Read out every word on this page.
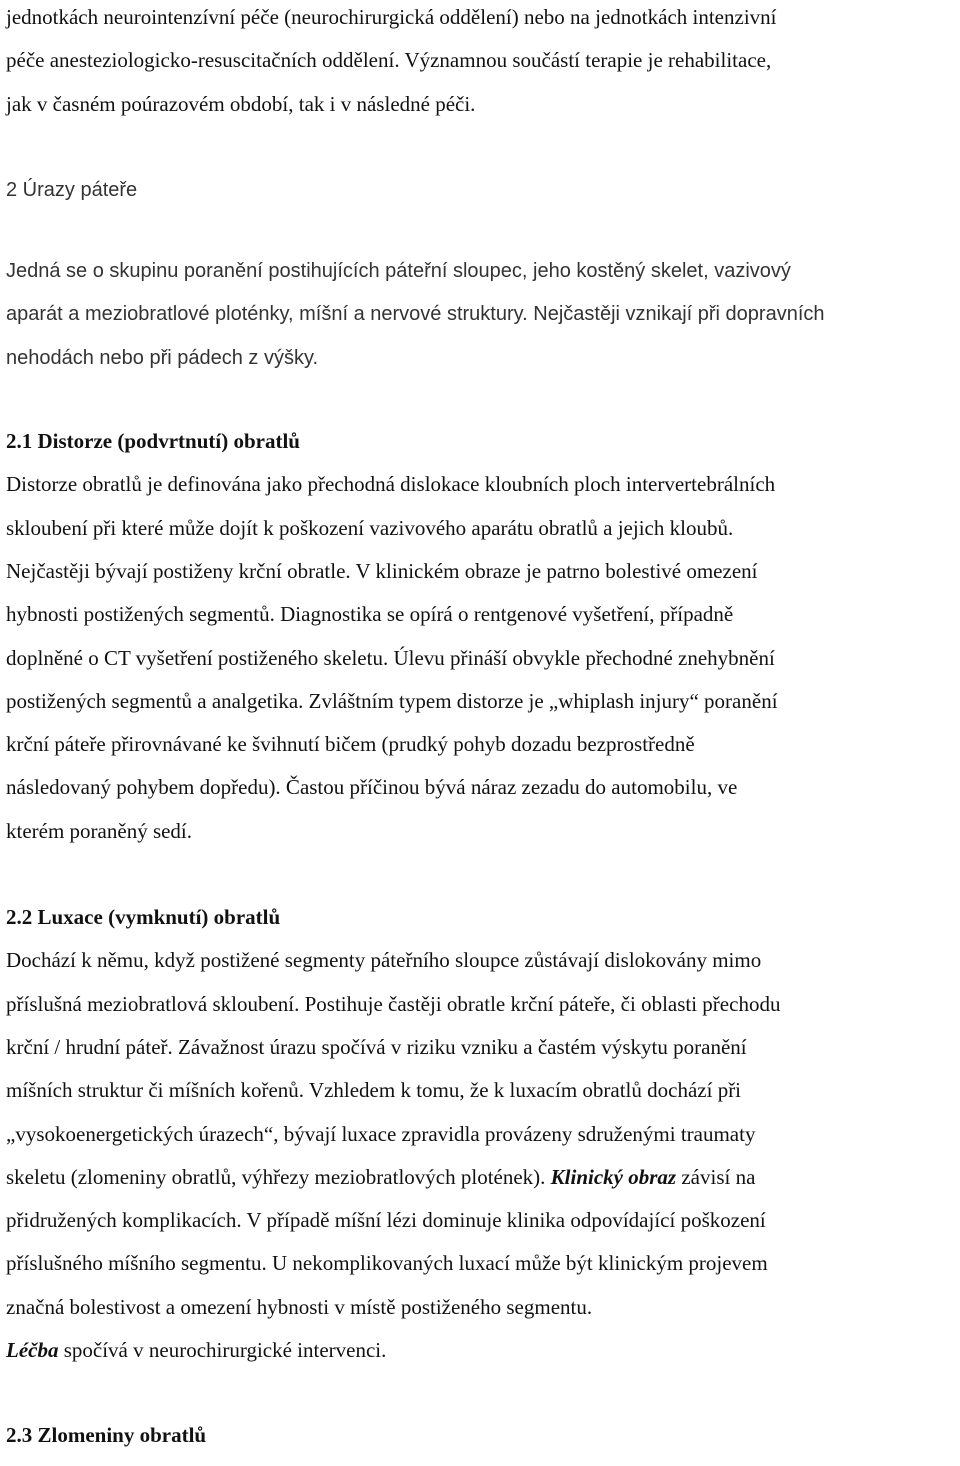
jednotkách neurointenzívní péče (neurochirurgická oddělení) nebo na jednotkách intenzivní

péče anesteziologicko-resuscitačních oddělení. Významnou součástí terapie je rehabilitace,

jak v časném poúrazovém období, tak i v následné péči.

2 Úrazy páteře

Jedná se o skupinu poranění postihujících páteřní sloupec, jeho kostěný skelet, vazivový

aparát a meziobratlové ploténky, míšní a nervové struktury. Nejčastěji vznikají při dopravních

nehodách nebo při pádech z výšky.

2.1 Distorze (podvrtnutí) obratlů

Distorze obratlů je definována jako přechodná dislokace kloubních ploch intervertebrálních

skloubení při které může dojít k poškození vazivového aparátu obratlů a jejich kloubů.

Nejčastěji bývají postiženy krční obratle. V klinickém obraze je patrno bolestivé omezení

hybnosti postižených segmentů. Diagnostika se opírá o rentgenové vyšetření, případně

doplněné o CT vyšetření postiženého skeletu. Úlevu přináší obvykle přechodné znehybnění

postižených segmentů a analgetika. Zvláštním typem distorze je „whiplash injury“ poranění

krční páteře přirovnávané ke švihnutí bičem (prudký pohyb dozadu bezprostředně

následovaný pohybem dopředu). Častou příčinou bývá náraz zezadu do automobilu, ve

kterém poraněný sedí.

2.2 Luxace (vymknutí) obratlů

Dochází k němu, když postižené segmenty páteřního sloupce zůstávají dislokovány mimo

příslušná meziobratlová skloubení. Postihuje častěji obratle krční páteře, či oblasti přechodu

krční / hrudní páteř. Závažnost úrazu spočívá v riziku vzniku a častém výskytu poranění

míšních struktur či míšních kořenů. Vzhledem k tomu, že k luxacím obratlů dochází při

„vysokoenergetických úrazech“, bývají luxace zpravidla provázeny sdruženými traumaty

skeletu (zlomeniny obratlů, výhřezy meziobratlových plotének). Klinický obraz závisí na

přidružených komplikacích. V případě míšní lézi dominuje klinika odpovídající poškození

příslušného míšního segmentu. U nekomplikovaných luxací může být klinickým projevem

značná bolestivost a omezení hybnosti v místě postiženého segmentu.

Léčba spočívá v neurochirurgické intervenci.

2.3 Zlomeniny obratlů
